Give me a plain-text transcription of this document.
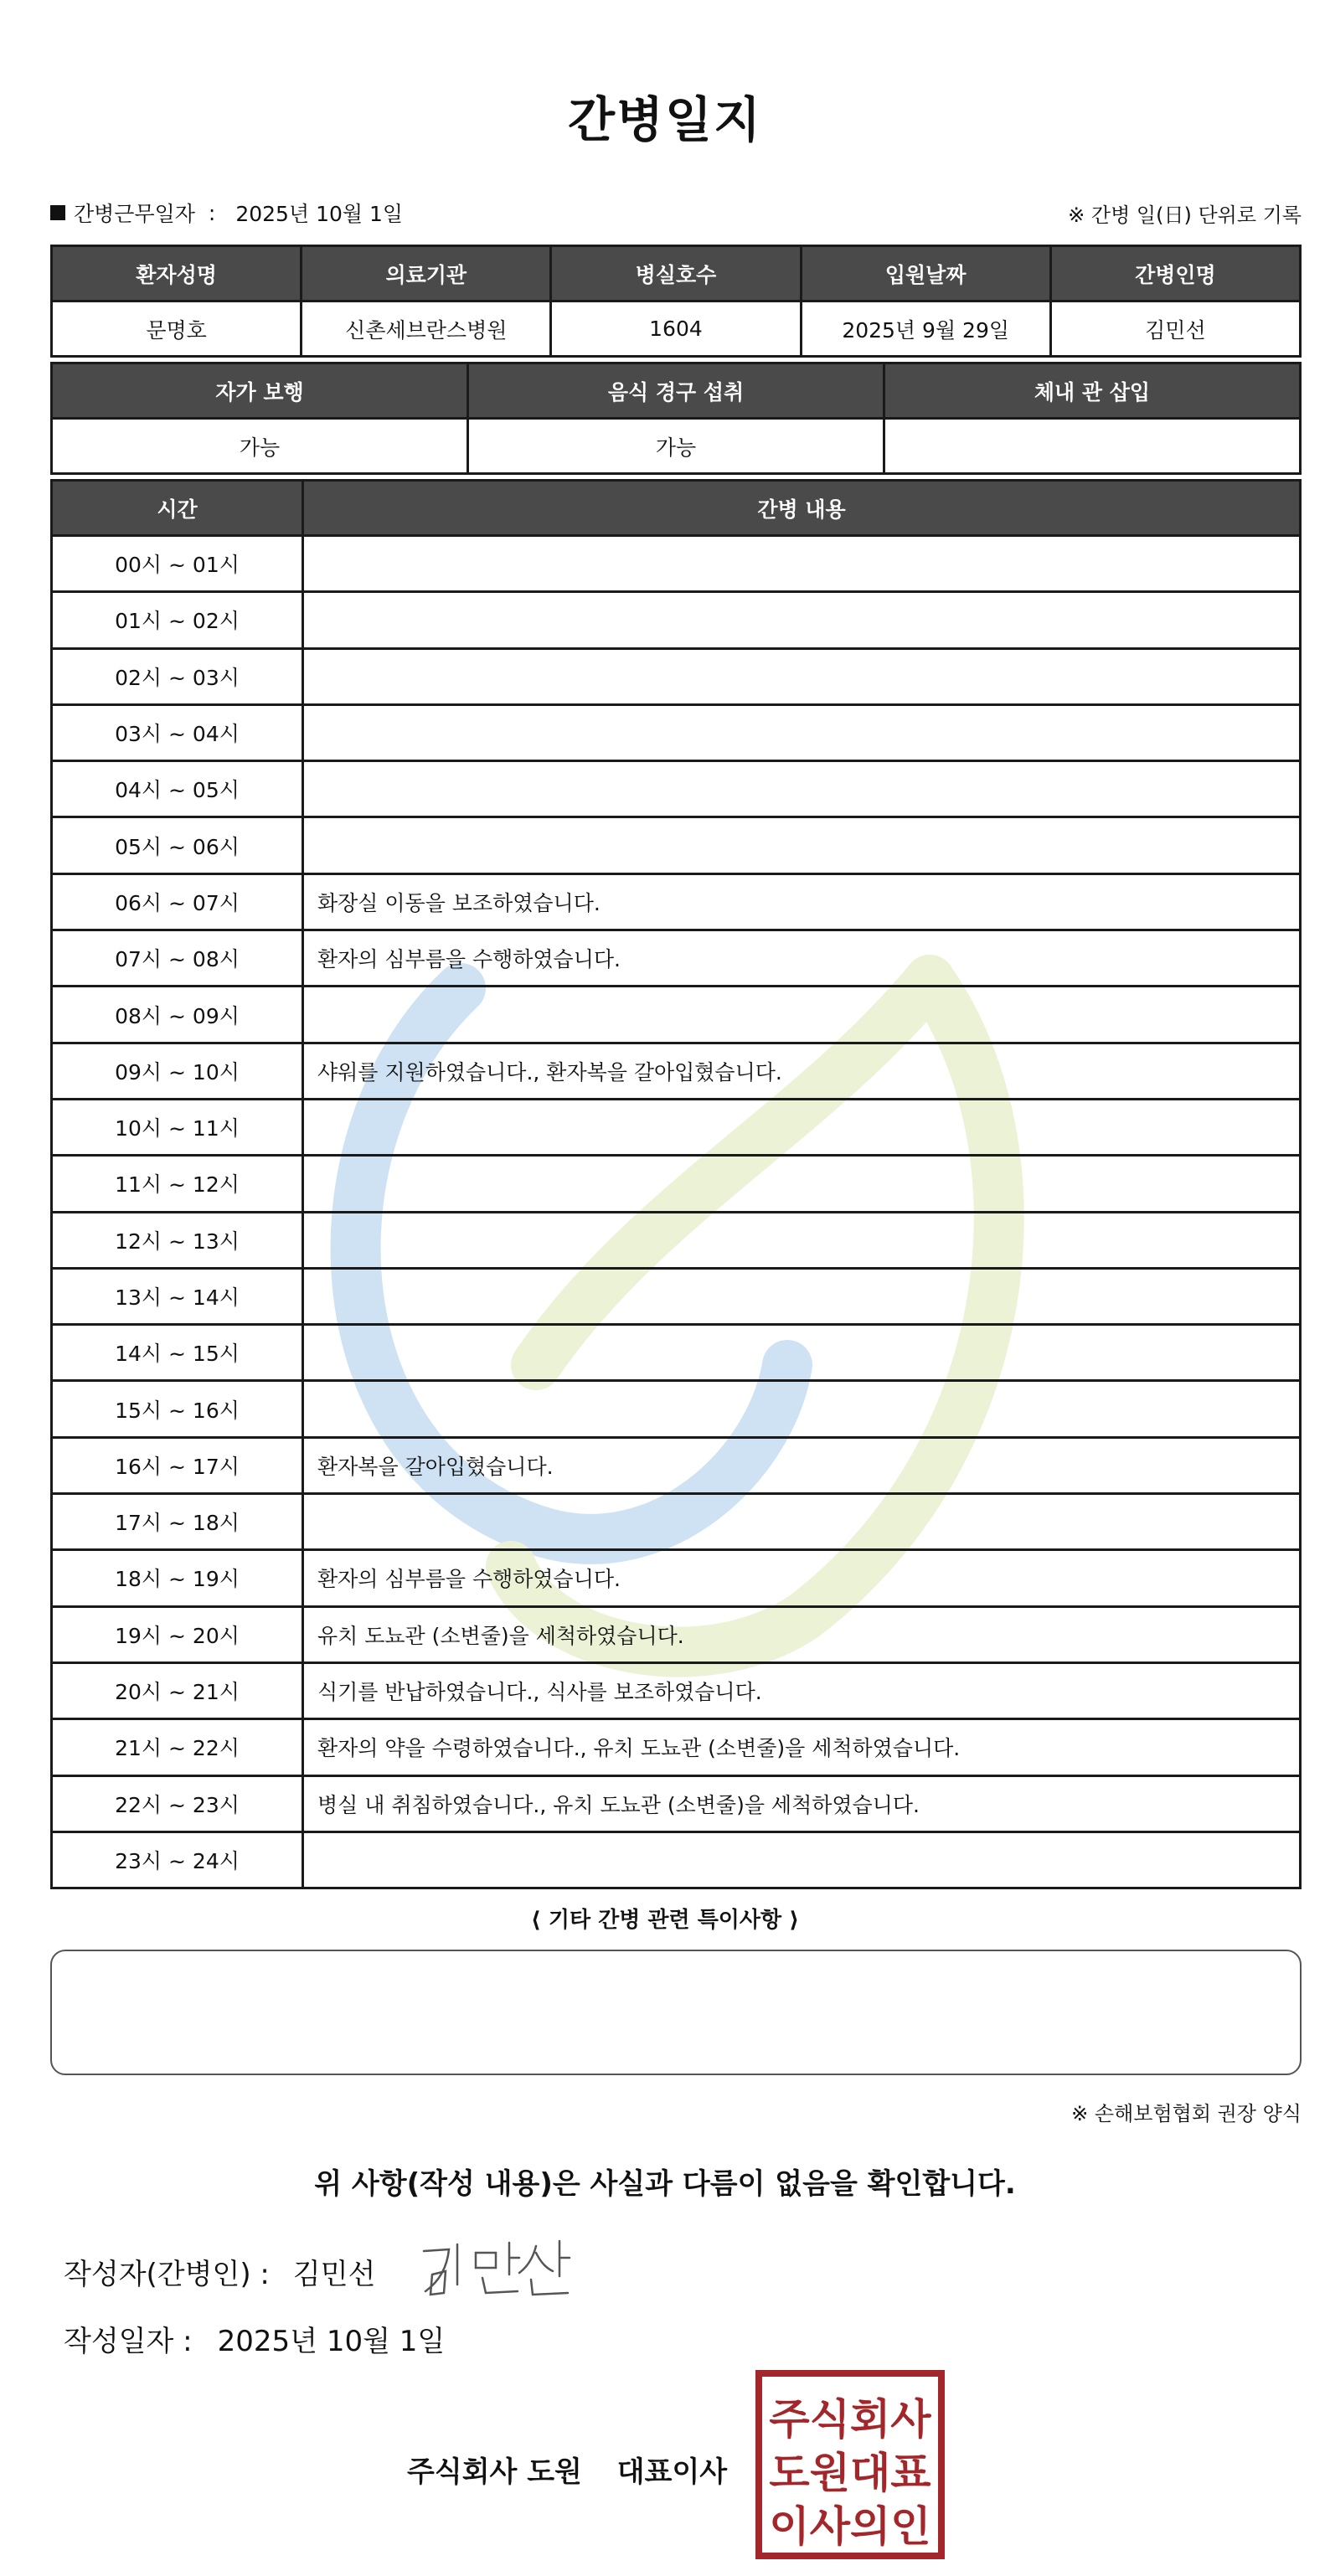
간병일지
간병근무일자 : 2025년 10월 1일	※ 간병 일(日) 단위로 기록
환자성명	의료기관	병실호수	입원날짜	간병인명
문명호	신촌세브란스병원	1604	2025년 9월 29일	김민선
자가 보행	음식 경구 섭취	체내 관 삽입
가능	가능	
시간	간병 내용
00시 ~ 01시	
01시 ~ 02시	
02시 ~ 03시	
03시 ~ 04시	
04시 ~ 05시	
05시 ~ 06시	
06시 ~ 07시	화장실 이동을 보조하였습니다.
07시 ~ 08시	환자의 심부름을 수행하였습니다.
08시 ~ 09시	
09시 ~ 10시	샤워를 지원하였습니다., 환자복을 갈아입혔습니다.
10시 ~ 11시	
11시 ~ 12시	
12시 ~ 13시	
13시 ~ 14시	
14시 ~ 15시	
15시 ~ 16시	
16시 ~ 17시	환자복을 갈아입혔습니다.
17시 ~ 18시	
18시 ~ 19시	환자의 심부름을 수행하였습니다.
19시 ~ 20시	유치 도뇨관 (소변줄)을 세척하였습니다.
20시 ~ 21시	식기를 반납하였습니다., 식사를 보조하였습니다.
21시 ~ 22시	환자의 약을 수령하였습니다., 유치 도뇨관 (소변줄)을 세척하였습니다.
22시 ~ 23시	병실 내 취침하였습니다., 유치 도뇨관 (소변줄)을 세척하였습니다.
23시 ~ 24시	
⟨ 기타 간병 관련 특이사항 ⟩
※ 손해보험협회 권장 양식
위 사항(작성 내용)은 사실과 다름이 없음을 확인합니다.
작성자(간병인) : 김민선
작성일자 : 2025년 10월 1일
주식회사 도원 대표이사
주식회사
도원대표
이사의인
